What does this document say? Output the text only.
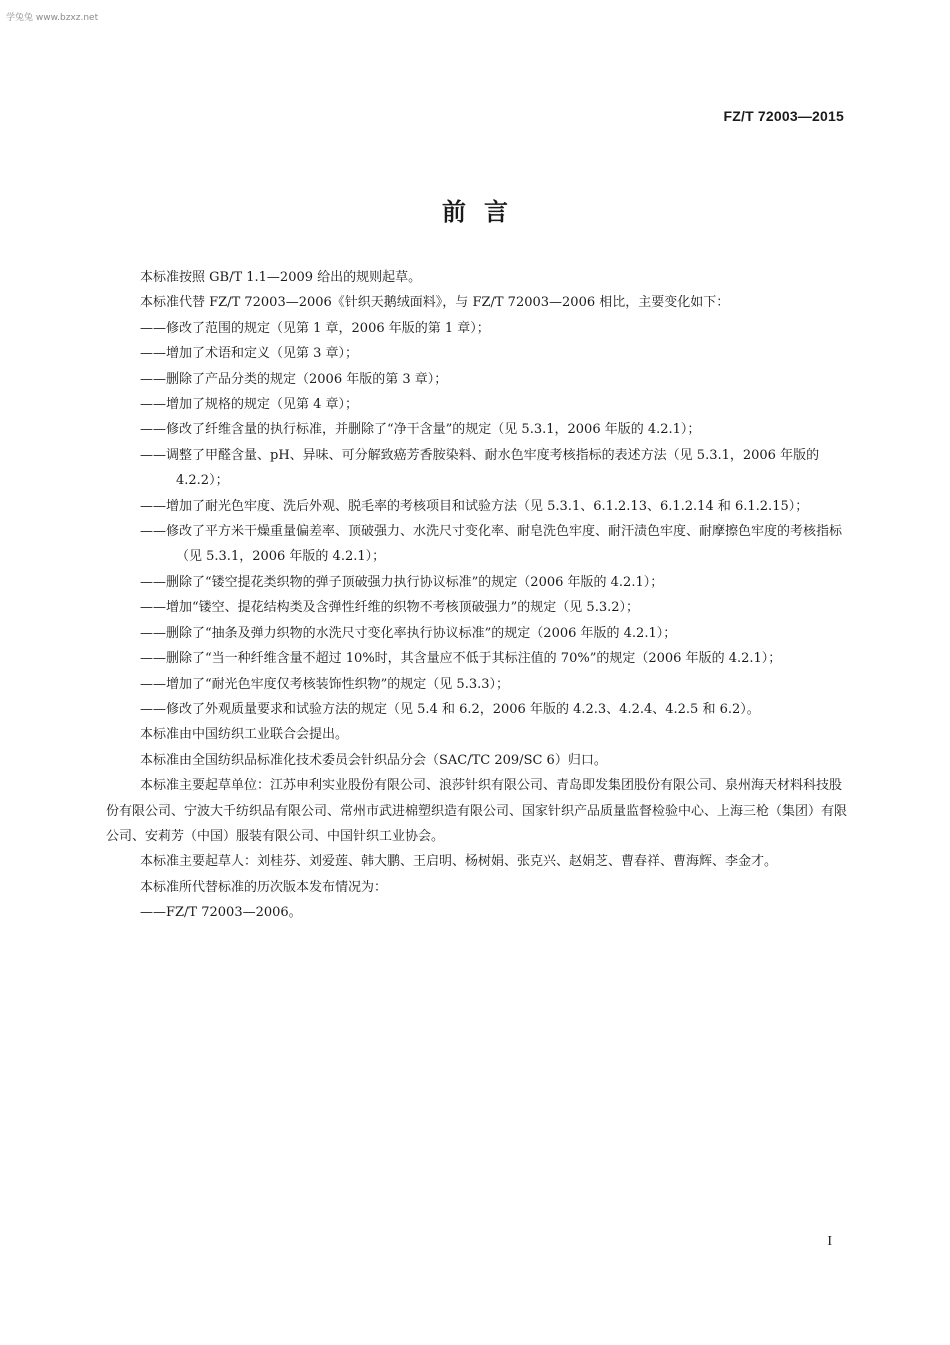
学兔兔 www.bzxz.net
FZ/T 72003—2015
前言

本标准按照 GB/T 1.1—2009 给出的规则起草。

本标准代替 FZ/T 72003—2006《针织天鹅绒面料》，与 FZ/T 72003—2006 相比，主要变化如下：

——修改了范围的规定（见第 1 章，2006 年版的第 1 章）；

——增加了术语和定义（见第 3 章）；

——删除了产品分类的规定（2006 年版的第 3 章）；

——增加了规格的规定（见第 4 章）；

——修改了纤维含量的执行标准，并删除了“净干含量”的规定（见 5.3.1，2006 年版的 4.2.1）；

——调整了甲醛含量、pH、异味、可分解致癌芳香胺染料、耐水色牢度考核指标的表述方法（见 5.3.1，2006 年版的 4.2.2）；

——增加了耐光色牢度、洗后外观、脱毛率的考核项目和试验方法（见 5.3.1、6.1.2.13、6.1.2.14 和 6.1.2.15）；

——修改了平方米干燥重量偏差率、顶破强力、水洗尺寸变化率、耐皂洗色牢度、耐汗渍色牢度、耐摩擦色牢度的考核指标（见 5.3.1，2006 年版的 4.2.1）；

——删除了“镂空提花类织物的弹子顶破强力执行协议标准”的规定（2006 年版的 4.2.1）；

——增加“镂空、提花结构类及含弹性纤维的织物不考核顶破强力”的规定（见 5.3.2）；

——删除了“抽条及弹力织物的水洗尺寸变化率执行协议标准”的规定（2006 年版的 4.2.1）；

——删除了“当一种纤维含量不超过 10%时，其含量应不低于其标注值的 70%”的规定（2006 年版的 4.2.1）；

——增加了“耐光色牢度仅考核装饰性织物”的规定（见 5.3.3）；

——修改了外观质量要求和试验方法的规定（见 5.4 和 6.2，2006 年版的 4.2.3、4.2.4、4.2.5 和 6.2）。

本标准由中国纺织工业联合会提出。

本标准由全国纺织品标准化技术委员会针织品分会（SAC/TC 209/SC 6）归口。

本标准主要起草单位：江苏申利实业股份有限公司、浪莎针织有限公司、青岛即发集团股份有限公司、泉州海天材料科技股份有限公司、宁波大千纺织品有限公司、常州市武进棉塑织造有限公司、国家针织产品质量监督检验中心、上海三枪（集团）有限公司、安莉芳（中国）服装有限公司、中国针织工业协会。

本标准主要起草人：刘桂芬、刘爱莲、韩大鹏、王启明、杨树娟、张克兴、赵娟芝、曹春祥、曹海辉、李金才。

本标准所代替标准的历次版本发布情况为：

——FZ/T 72003—2006。

I
